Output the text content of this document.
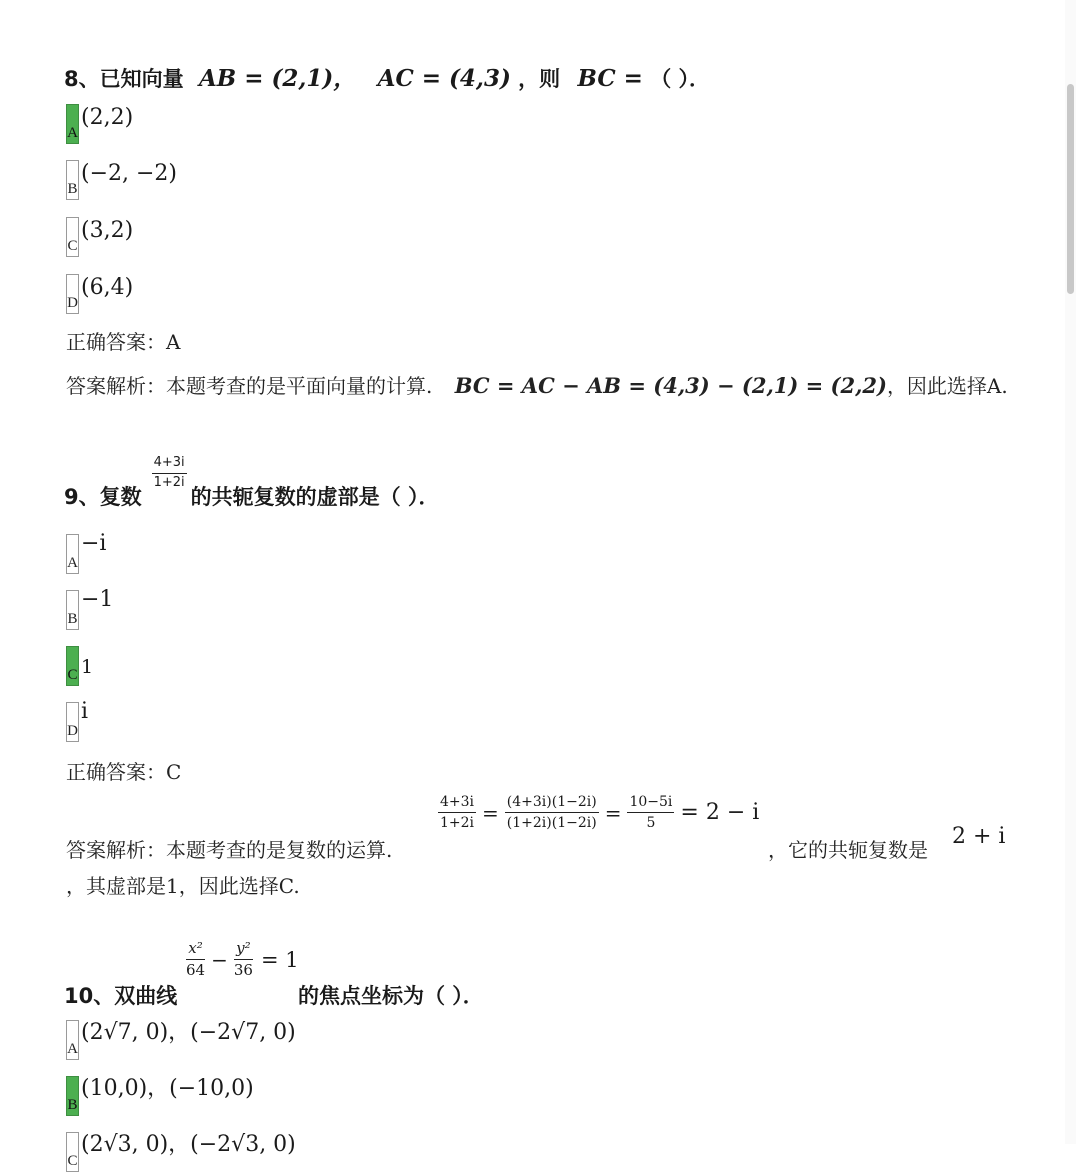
8、已知向量 AB = (2,1)， AC = (4,3) ，则 BC = （ ）．
A
(2,2)
B
(−2, −2)
C
(3,2)
D
(6,4)
正确答案：A
答案解析：本题考查的是平面向量的计算. BC = AC − AB = (4,3) − (2,1) = (2,2)，因此选择A.
9、复数
$\frac{4+3i}{1+2i}$
的共轭复数的虚部是（ ）．
A
−i
B
−1
C 1
D
i
正确答案：C
答案解析：本题考查的是复数的运算.
$\frac{4+3i}{1+2i} = \frac{(4+3i)(1-2i)}{(1+2i)(1-2i)} = \frac{10-5i}{5} = 2 - i$
，它的共轭复数是
2 + i
，其虚部是1，因此选择C.
10、双曲线
$\frac{\text{x²}}{64} - \frac{\text{y²}}{36} = 1$
的焦点坐标为（ ）．
A
(2√7, 0)，(−2√7, 0)
B
(10,0)，(−10,0)
C
(2√3, 0)，(−2√3, 0)
